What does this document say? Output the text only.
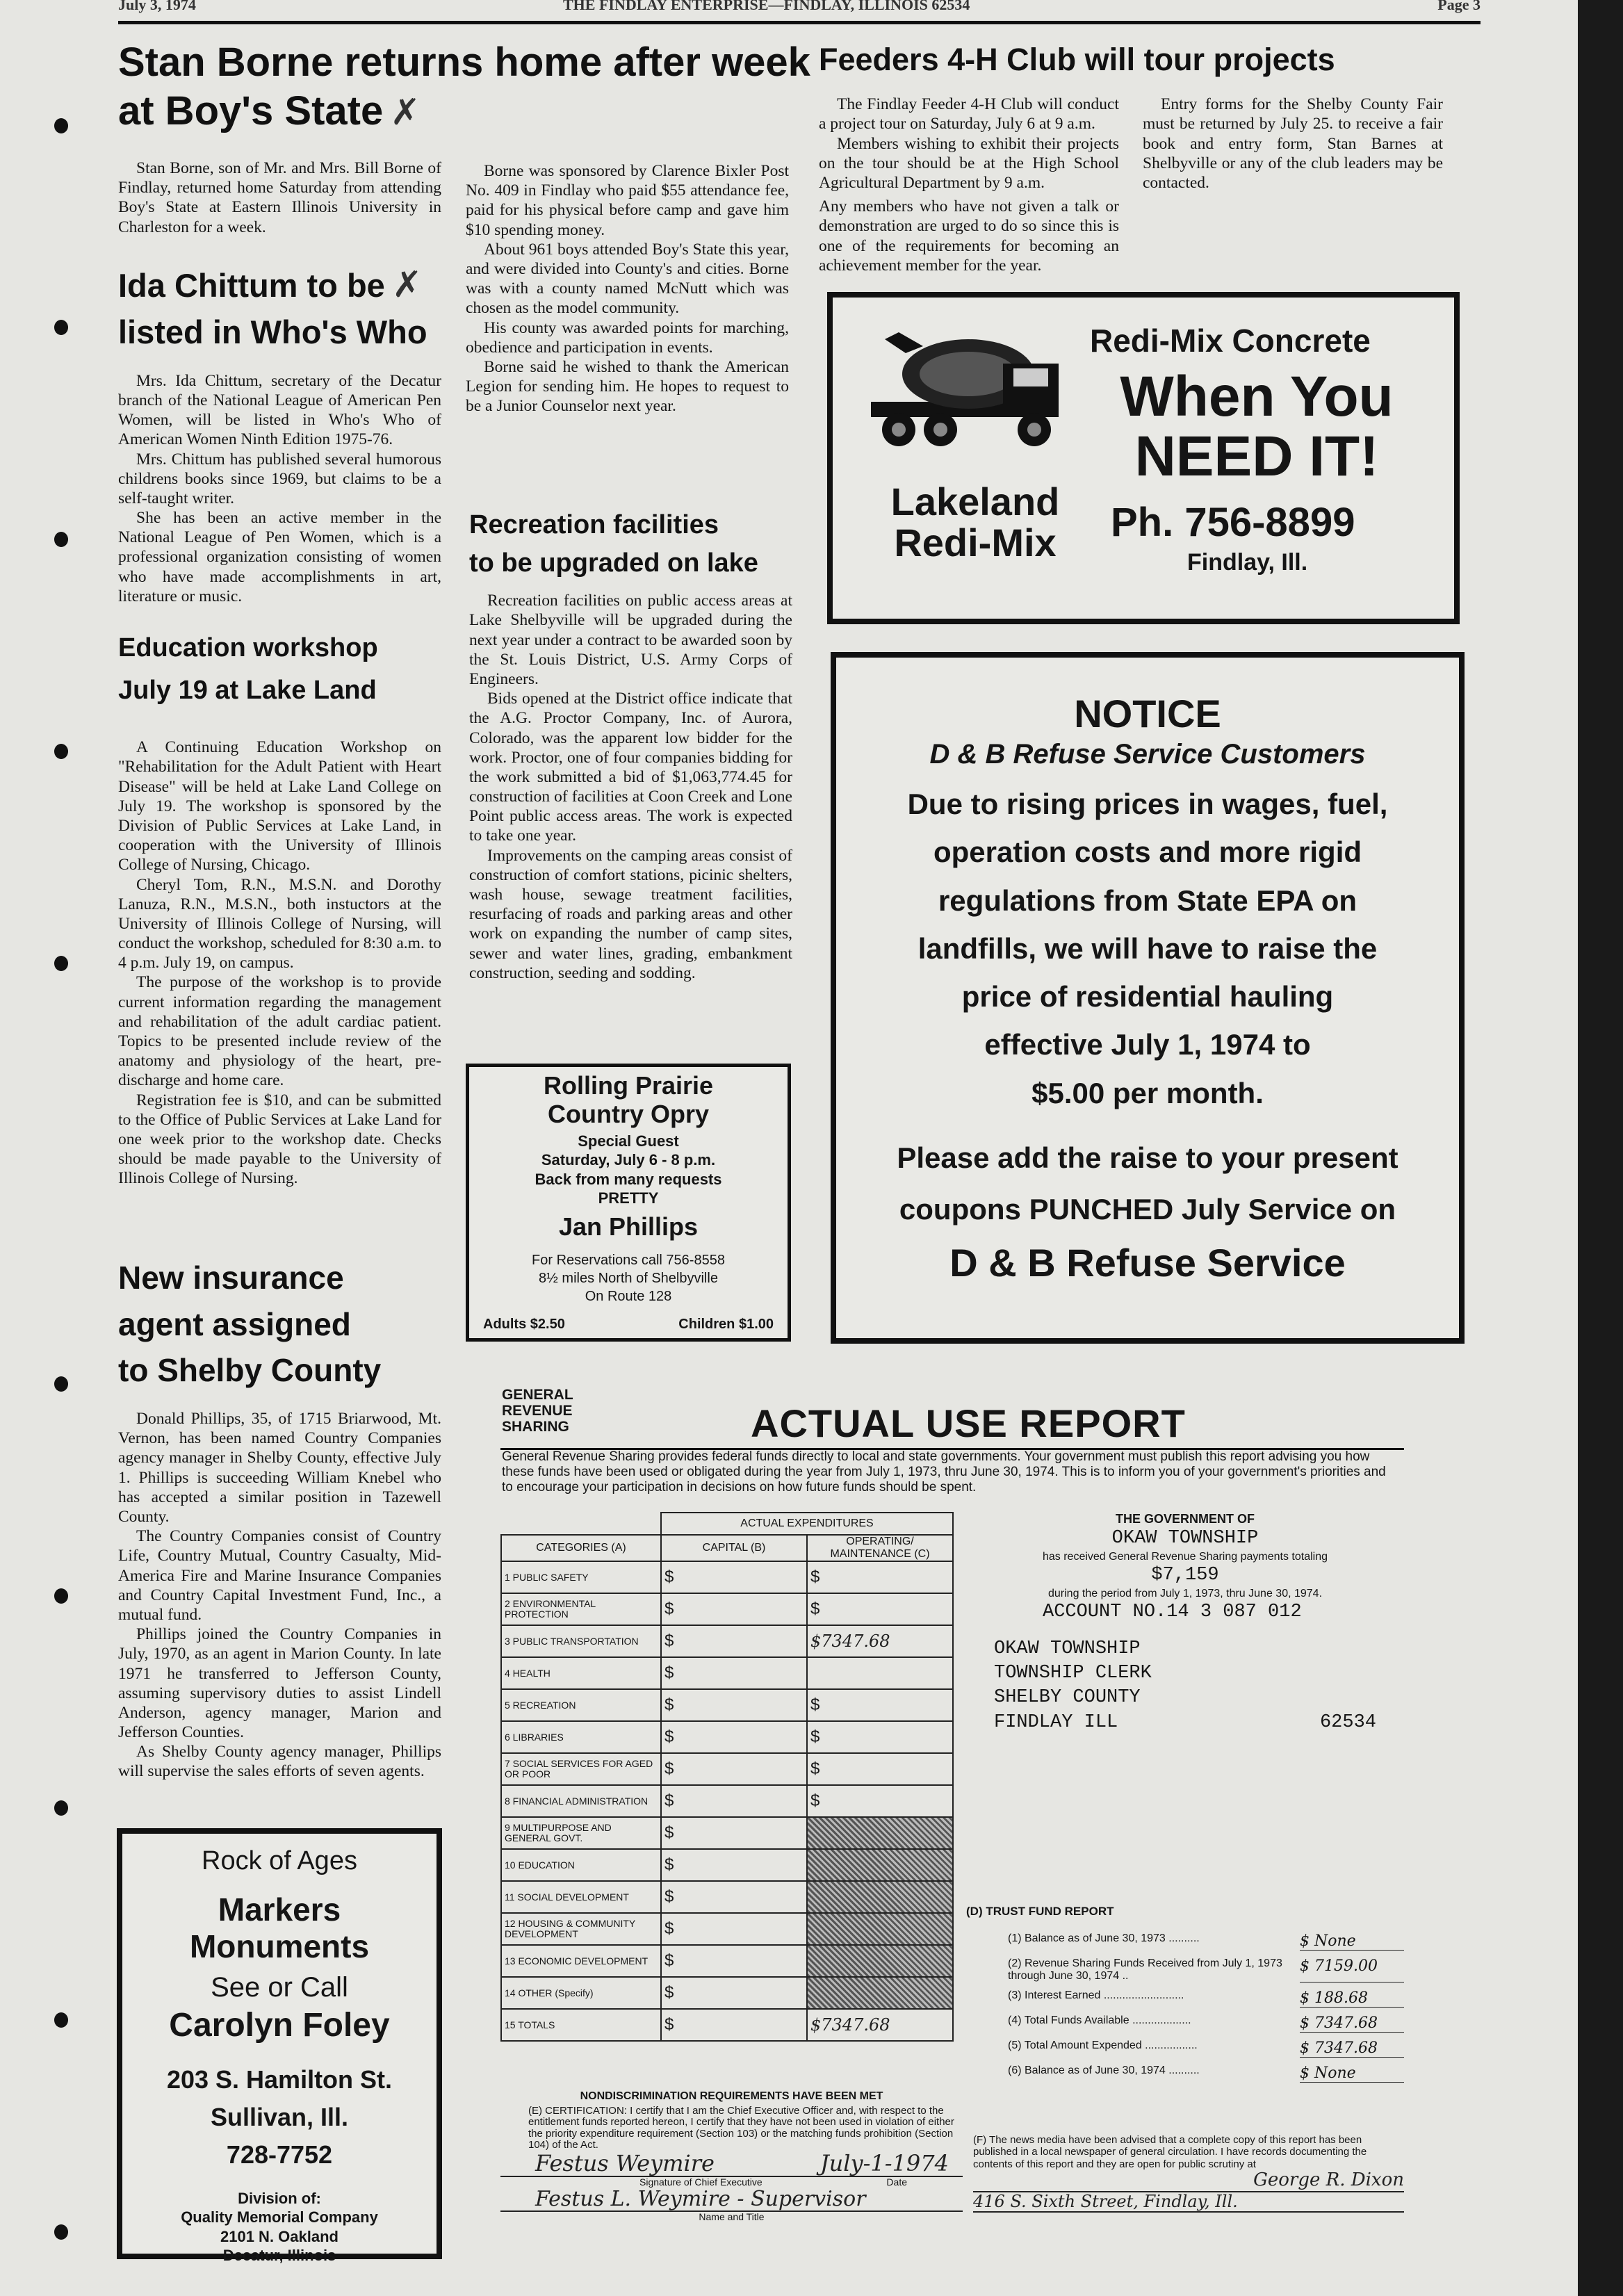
July 3, 1974	THE FINDLAY ENTERPRISE—FINDLAY, ILLINOIS 62534	Page 3
Stan Borne returns home after week at Boy's State ✗

Stan Borne, son of Mr. and Mrs. Bill Borne of Findlay, returned home Saturday from attending Boy's State at Eastern Illinois University in Charleston for a week.

Ida Chittum to be ✗
listed in Who's Who

Mrs. Ida Chittum, secretary of the Decatur branch of the National League of American Pen Women, will be listed in Who's Who of American Women Ninth Edition 1975-76.

Mrs. Chittum has published several humorous childrens books since 1969, but claims to be a self-taught writer.

She has been an active member in the National League of Pen Women, which is a professional organization consisting of women who have made accomplishments in art, literature or music.

Education workshop
July 19 at Lake Land

A Continuing Education Workshop on "Rehabilitation for the Adult Patient with Heart Disease" will be held at Lake Land College on July 19. The workshop is sponsored by the Division of Public Services at Lake Land, in cooperation with the University of Illinois College of Nursing, Chicago.

Cheryl Tom, R.N., M.S.N. and Dorothy Lanuza, R.N., M.S.N., both instuctors at the University of Illinois College of Nursing, will conduct the workshop, scheduled for 8:30 a.m. to 4 p.m. July 19, on campus.

The purpose of the workshop is to provide current information regarding the management and rehabilitation of the adult cardiac patient. Topics to be presented include review of the anatomy and physiology of the heart, pre-discharge and home care.

Registration fee is $10, and can be submitted to the Office of Public Services at Lake Land for one week prior to the workshop date. Checks should be made payable to the University of Illinois College of Nursing.

New insurance
agent assigned
to Shelby County

Donald Phillips, 35, of 1715 Briarwood, Mt. Vernon, has been named Country Companies agency manager in Shelby County, effective July 1. Phillips is succeeding William Knebel who has accepted a similar position in Tazewell County.

The Country Companies consist of Country Life, Country Mutual, Country Casualty, Mid-America Fire and Marine Insurance Companies and Country Capital Investment Fund, Inc., a mutual fund.

Phillips joined the Country Companies in July, 1970, as an agent in Marion County. In late 1971 he transferred to Jefferson County, assuming supervisory duties to assist Lindell Anderson, agency manager, Marion and Jefferson Counties.

As Shelby County agency manager, Phillips will supervise the sales efforts of seven agents.

Rock of Ages
Markers
Monuments
See or Call
Carolyn Foley
203 S. Hamilton St.
Sullivan, Ill.
728-7752
Division of:
Quality Memorial Company
2101 N. Oakland
Decatur, Illinois

Borne was sponsored by Clarence Bixler Post No. 409 in Findlay who paid $55 attendance fee, paid for his physical before camp and gave him $10 spending money.

About 961 boys attended Boy's State this year, and were divided into County's and cities. Borne was with a county named McNutt which was chosen as the model community.

His county was awarded points for marching, obedience and participation in events.

Borne said he wished to thank the American Legion for sending him. He hopes to request to be a Junior Counselor next year.

Recreation facilities
to be upgraded on lake

Recreation facilities on public access areas at Lake Shelbyville will be upgraded during the next year under a contract to be awarded soon by the St. Louis District, U.S. Army Corps of Engineers.

Bids opened at the District office indicate that the A.G. Proctor Company, Inc. of Aurora, Colorado, was the apparent low bidder for the work. Proctor, one of four companies bidding for the work submitted a bid of $1,063,774.45 for construction of facilities at Coon Creek and Lone Point public access areas. The work is expected to take one year.

Improvements on the camping areas consist of construction of comfort stations, picinic shelters, wash house, sewage treatment facilities, resurfacing of roads and parking areas and other work on expanding the number of camp sites, sewer and water lines, grading, embankment construction, seeding and sodding.

Rolling Prairie
Country Opry
Special Guest
Saturday, July 6 - 8 p.m.
Back from many requests
PRETTY
Jan Phillips
For Reservations call 756-8558
8½ miles North of Shelbyville
On Route 128
Adults $2.50	Children $1.00
Feeders 4-H Club will tour projects

The Findlay Feeder 4-H Club will conduct a project tour on Saturday, July 6 at 9 a.m.

Members wishing to exhibit their projects on the tour should be at the High School Agricultural Department by 9 a.m.

Any members who have not given a talk or demonstration are urged to do so since this is one of the requirements for becoming an achievement member for the year.

Entry forms for the Shelby County Fair must be returned by July 25. to receive a fair book and entry form, Stan Barnes at Shelbyville or any of the club leaders may be contacted.

Redi-Mix Concrete
When You
NEED IT!
Lakeland
Redi-Mix	Ph. 756-8899
Findlay, Ill.
NOTICE
D & B Refuse Service Customers
Due to rising prices in wages, fuel,
operation costs and more rigid
regulations from State EPA on
landfills, we will have to raise the
price of residential hauling
effective July 1, 1974 to
$5.00 per month.
Please add the raise to your present
coupons PUNCHED July Service on
D & B Refuse Service
GENERAL
REVENUE
SHARING	ACTUAL USE REPORT
General Revenue Sharing provides federal funds directly to local and state governments. Your government must publish this report advising you how these funds have been used or obligated during the year from July 1, 1973, thru June 30, 1974. This is to inform you of your government's priorities and to encourage your participation in decisions on how future funds should be spent.
	ACTUAL EXPENDITURES	
CATEGORIES (A)	CAPITAL (B)	OPERATING/ MAINTENANCE (C)
1 PUBLIC SAFETY	$	$
2 ENVIRONMENTAL PROTECTION	$	$
3 PUBLIC TRANSPORTATION	$	$7347.68
4 HEALTH	$	
5 RECREATION	$	$
6 LIBRARIES	$	$
7 SOCIAL SERVICES FOR AGED OR POOR	$	$
8 FINANCIAL ADMINISTRATION	$	$
9 MULTIPURPOSE AND GENERAL GOVT.	$	
10 EDUCATION	$	
11 SOCIAL DEVELOPMENT	$	
12 HOUSING & COMMUNITY DEVELOPMENT	$	
13 ECONOMIC DEVELOPMENT	$	
14 OTHER (Specify)	$	
15 TOTALS	$	$7347.68
THE GOVERNMENT OF
OKAW TOWNSHIP
has received General Revenue Sharing payments totaling
$7,159
during the period from July 1, 1973, thru June 30, 1974.
ACCOUNT NO.14 3 087 012
OKAW TOWNSHIP
TOWNSHIP CLERK
SHELBY COUNTY
FINDLAY ILL	62534
(D) TRUST FUND REPORT
(1) Balance as of June 30, 1973 ..........	$ None
(2) Revenue Sharing Funds Received from July 1, 1973 through June 30, 1974 ..
$ 7159.00
(3) Interest Earned ..........................	$ 188.68
(4) Total Funds Available ...................	$ 7347.68
(5) Total Amount Expended .................	$ 7347.68
(6) Balance as of June 30, 1974 ..........	$ None
NONDISCRIMINATION REQUIREMENTS HAVE BEEN MET
(E) CERTIFICATION: I certify that I am the Chief Executive Officer and, with respect to the entitlement funds reported hereon, I certify that they have not been used in violation of either the priority expenditure requirement (Section 103) or the matching funds prohibition (Section 104) of the Act.
Festus Weymire	July-1-1974
Signature of Chief Executive	Date
Festus L. Weymire - Supervisor
Name and Title
(F) The news media have been advised that a complete copy of this report has been published in a local newspaper of general circulation. I have records documenting the contents of this report and they are open for public scrutiny at
George R. Dixon
416 S. Sixth Street, Findlay, Ill.
